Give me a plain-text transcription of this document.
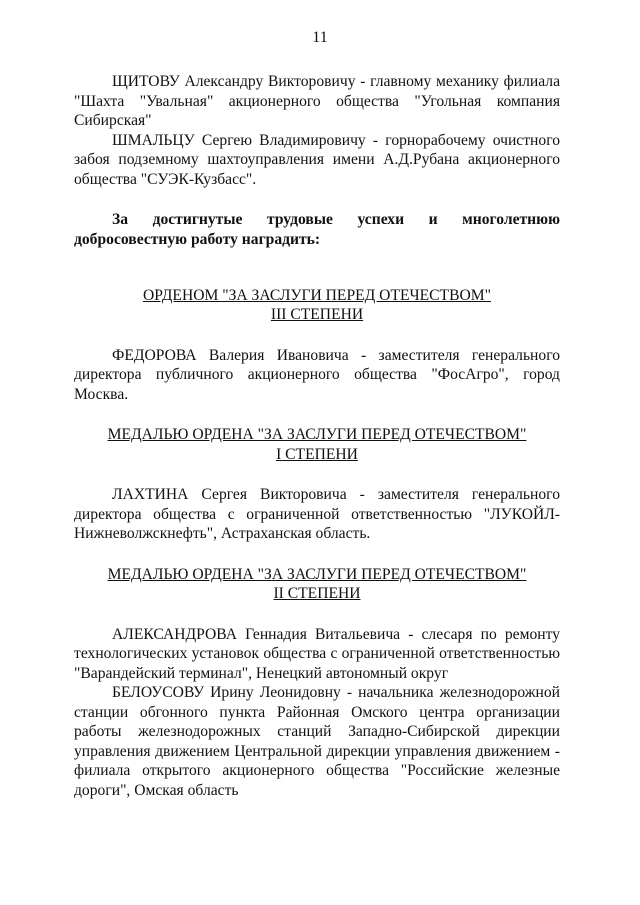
11

ЩИТОВУ Александру Викторовичу - главному механику филиала "Шахта "Увальная" акционерного общества "Угольная компания Сибирская"

ШМАЛЬЦУ Сергею Владимировичу - горнорабочему очистного забоя подземному шахтоуправления имени А.Д.Рубана акционерного общества "СУЭК-Кузбасс".

За достигнутые трудовые успехи и многолетнюю добросовестную работу наградить:

ОРДЕНОМ "ЗА ЗАСЛУГИ ПЕРЕД ОТЕЧЕСТВОМ"

III СТЕПЕНИ

ФЕДОРОВА Валерия Ивановича - заместителя генерального директора публичного акционерного общества "ФосАгро", город Москва.

МЕДАЛЬЮ ОРДЕНА "ЗА ЗАСЛУГИ ПЕРЕД ОТЕЧЕСТВОМ"

I СТЕПЕНИ

ЛАХТИНА Сергея Викторовича - заместителя генерального директора общества с ограниченной ответственностью "ЛУКОЙЛ-Нижневолжскнефть", Астраханская область.

МЕДАЛЬЮ ОРДЕНА "ЗА ЗАСЛУГИ ПЕРЕД ОТЕЧЕСТВОМ"

II СТЕПЕНИ

АЛЕКСАНДРОВА Геннадия Витальевича - слесаря по ремонту технологических установок общества с ограниченной ответственностью "Варандейский терминал", Ненецкий автономный округ

БЕЛОУСОВУ Ирину Леонидовну - начальника железнодорожной станции обгонного пункта Районная Омского центра организации работы железнодорожных станций Западно-Сибирской дирекции управления движением Центральной дирекции управления движением - филиала открытого акционерного общества "Российские железные дороги", Омская область
